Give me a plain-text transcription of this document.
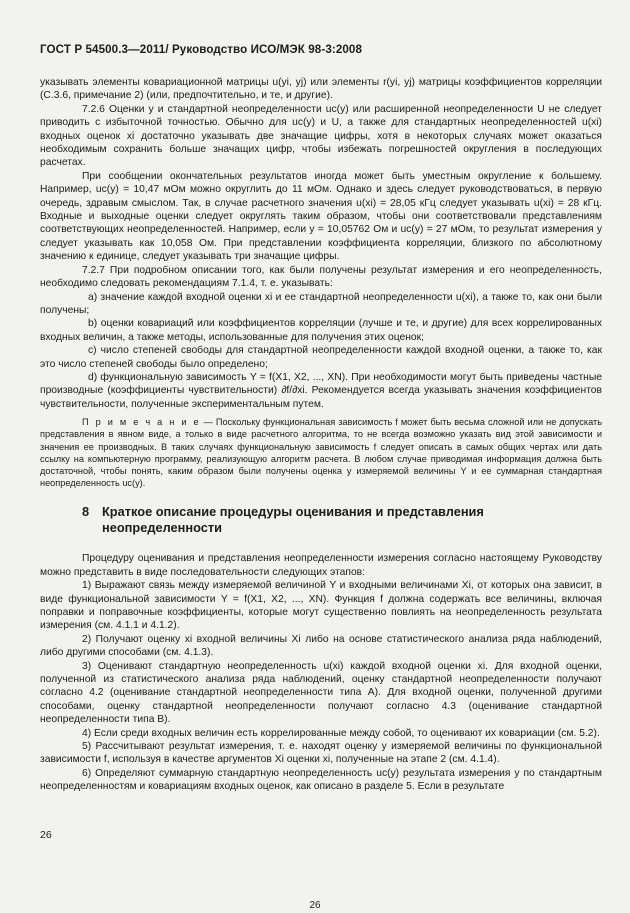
ГОСТ Р 54500.3—2011/ Руководство ИСО/МЭК 98-3:2008

указывать элементы ковариационной матрицы u(yi, yj) или элементы r(yi, yj) матрицы коэффициентов корреляции (С.3.6, примечание 2) (или, предпочтительно, и те, и другие).

7.2.6 Оценки y и стандартной неопределенности uc(y) или расширенной неопределенности U не следует приводить с избыточной точностью. Обычно для uc(y) и U, а также для стандартных неопределенностей u(xi) входных оценок xi достаточно указывать две значащие цифры, хотя в некоторых случаях может оказаться необходимым сохранить больше значащих цифр, чтобы избежать погрешностей округления в последующих расчетах.

При сообщении окончательных результатов иногда может быть уместным округление к большему. Например, uc(y) = 10,47 мОм можно округлить до 11 мОм. Однако и здесь следует руководствоваться, в первую очередь, здравым смыслом. Так, в случае расчетного значения u(xi) = 28,05 кГц следует указывать u(xi) = 28 кГц. Входные и выходные оценки следует округлять таким образом, чтобы они соответствовали представлениям соответствующих неопределенностей. Например, если y = 10,05762 Ом и uc(y) = 27 мОм, то результат измерения y следует указывать как 10,058 Ом. При представлении коэффициента корреляции, близкого по абсолютному значению к единице, следует указывать три значащие цифры.

7.2.7 При подробном описании того, как были получены результат измерения и его неопределенность, необходимо следовать рекомендациям 7.1.4, т. е. указывать:

a) значение каждой входной оценки xi и ее стандартной неопределенности u(xi), а также то, как они были получены;

b) оценки ковариаций или коэффициентов корреляции (лучше и те, и другие) для всех коррелированных входных величин, а также методы, использованные для получения этих оценок;

c) число степеней свободы для стандартной неопределенности каждой входной оценки, а также то, как это число степеней свободы было определено;

d) функциональную зависимость Y = f(X1, X2, ..., XN). При необходимости могут быть приведены частные производные (коэффициенты чувствительности) ∂f/∂xi. Рекомендуется всегда указывать значения коэффициентов чувствительности, полученные экспериментальным путем.

П р и м е ч а н и е — Поскольку функциональная зависимость f может быть весьма сложной или не допускать представления в явном виде, а только в виде расчетного алгоритма, то не всегда возможно указать вид этой зависимости и значения ее производных. В таких случаях функциональную зависимость f следует описать в самых общих чертах или дать ссылку на компьютерную программу, реализующую алгоритм расчета. В любом случае приводимая информация должна быть достаточной, чтобы понять, каким образом были получены оценка y измеряемой величины Y и ее суммарная стандартная неопределенность uc(y).

8	Краткое описание процедуры оценивания и представления неопределенности

Процедуру оценивания и представления неопределенности измерения согласно настоящему Руководству можно представить в виде последовательности следующих этапов:

1) Выражают связь между измеряемой величиной Y и входными величинами Xi, от которых она зависит, в виде функциональной зависимости Y = f(X1, X2, ..., XN). Функция f должна содержать все величины, включая поправки и поправочные коэффициенты, которые могут существенно повлиять на неопределенность результата измерения (см. 4.1.1 и 4.1.2).

2) Получают оценку xi входной величины Xi либо на основе статистического анализа ряда наблюдений, либо другими способами (см. 4.1.3).

3) Оценивают стандартную неопределенность u(xi) каждой входной оценки xi. Для входной оценки, полученной из статистического анализа ряда наблюдений, оценку стандартной неопределенности получают согласно 4.2 (оценивание стандартной неопределенности типа А). Для входной оценки, полученной другими способами, оценку стандартной неопределенности получают согласно 4.3 (оценивание стандартной неопределенности типа В).

4) Если среди входных величин есть коррелированные между собой, то оценивают их ковариации (см. 5.2).

5) Рассчитывают результат измерения, т. е. находят оценку y измеряемой величины по функциональной зависимости f, используя в качестве аргументов Xi оценки xi, полученные на этапе 2 (см. 4.1.4).

6) Определяют суммарную стандартную неопределенность uc(y) результата измерения y по стандартным неопределенностям и ковариациям входных оценок, как описано в разделе 5. Если в результате

26
26
